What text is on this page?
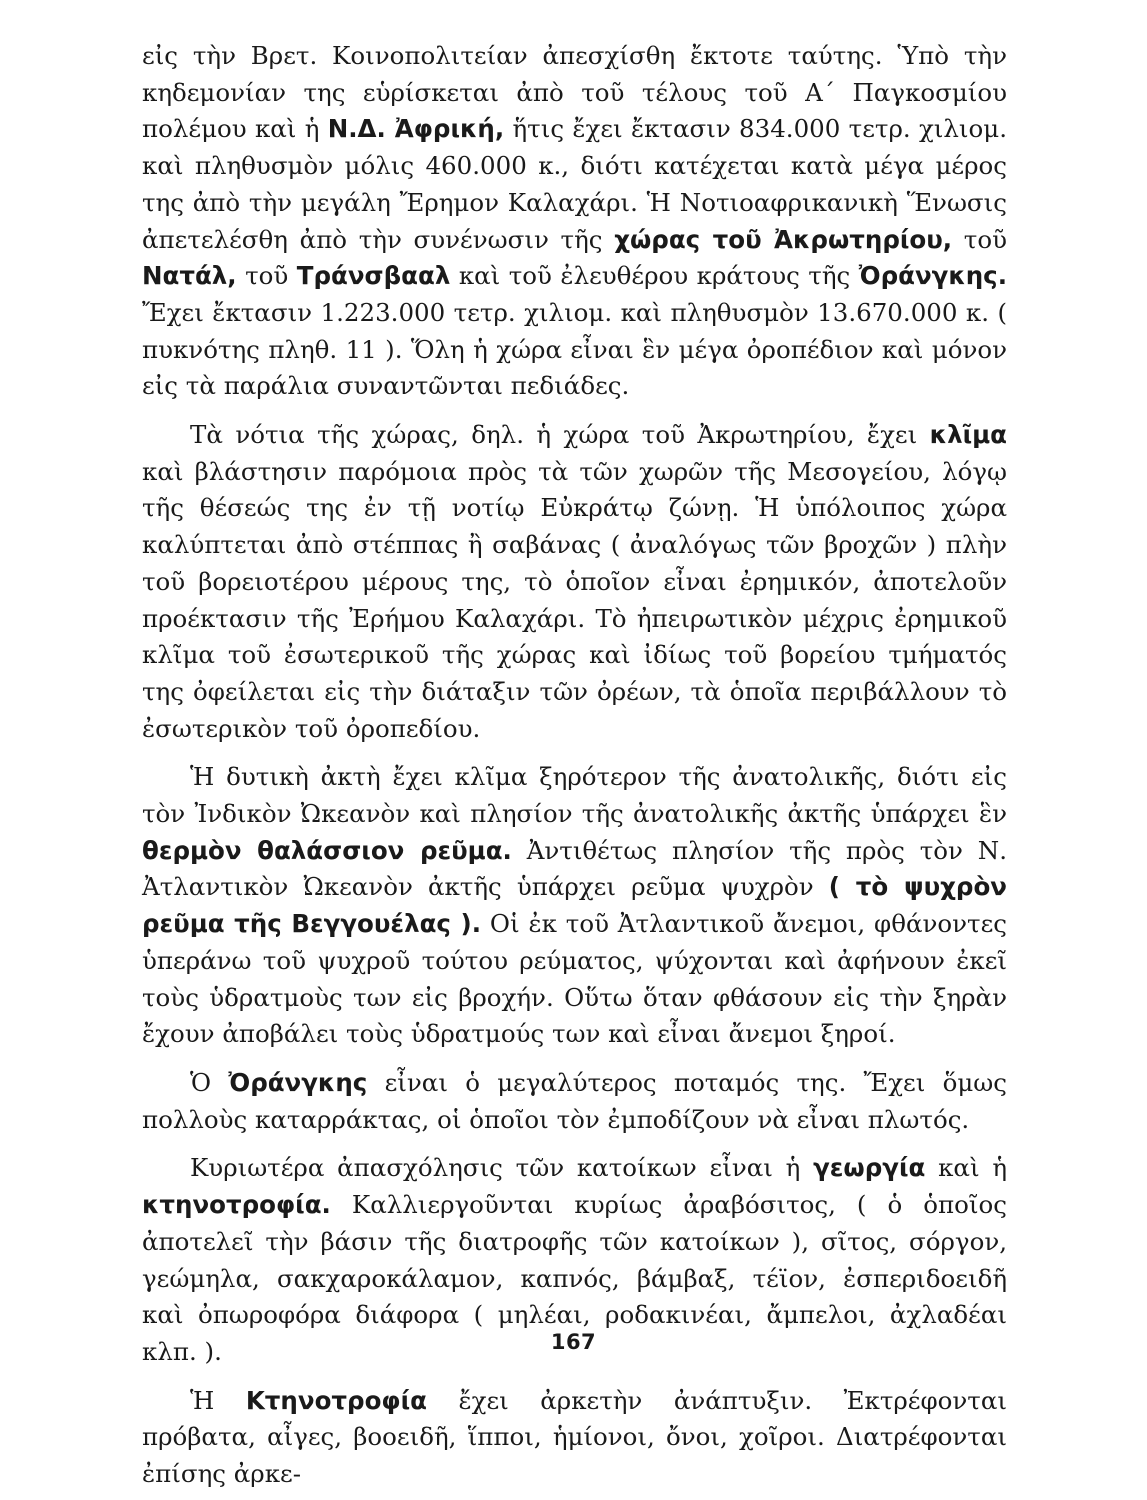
εἰς τὴν Βρετ. Κοινοπολιτείαν ἀπεσχίσθη ἔκτοτε ταύτης. Ὑπὸ τὴν κηδεμονίαν της εὑρίσκεται ἀπὸ τοῦ τέλους τοῦ Α΄ Παγκοσμίου πολέμου καὶ ἡ Ν.Δ. Ἀφρική, ἥτις ἔχει ἔκτασιν 834.000 τετρ. χιλιομ. καὶ πληθυσμὸν μόλις 460.000 κ., διότι κατέχεται κατὰ μέγα μέρος της ἀπὸ τὴν μεγάλη Ἔρημον Καλαχάρι. Ἡ Νοτιοαφρικανικὴ Ἕνωσις ἀπετελέσθη ἀπὸ τὴν συνένωσιν τῆς χώρας τοῦ Ἀκρωτηρίου, τοῦ Νατάλ, τοῦ Τράνσβααλ καὶ τοῦ ἐλευθέρου κράτους τῆς Ὀράνγκης. Ἔχει ἔκτασιν 1.223.000 τετρ. χιλιομ. καὶ πληθυσμὸν 13.670.000 κ. ( πυκνότης πληθ. 11 ). Ὅλη ἡ χώρα εἶναι ἓν μέγα ὀροπέδιον καὶ μόνον εἰς τὰ παράλια συναντῶνται πεδιάδες.

Τὰ νότια τῆς χώρας, δηλ. ἡ χώρα τοῦ Ἀκρωτηρίου, ἔχει κλῖμα καὶ βλάστησιν παρόμοια πρὸς τὰ τῶν χωρῶν τῆς Μεσογείου, λόγῳ τῆς θέσεώς της ἐν τῇ νοτίῳ Εὐκράτῳ ζώνῃ. Ἡ ὑπόλοιπος χώρα καλύπτεται ἀπὸ στέππας ἢ σαβάνας ( ἀναλόγως τῶν βροχῶν ) πλὴν τοῦ βορειοτέρου μέρους της, τὸ ὁποῖον εἶναι ἐρημικόν, ἀποτελοῦν προέκτασιν τῆς Ἐρήμου Καλαχάρι. Τὸ ἠπειρωτικὸν μέχρις ἐρημικοῦ κλῖμα τοῦ ἐσωτερικοῦ τῆς χώρας καὶ ἰδίως τοῦ βορείου τμήματός της ὀφείλεται εἰς τὴν διάταξιν τῶν ὀρέων, τὰ ὁποῖα περιβάλλουν τὸ ἐσωτερικὸν τοῦ ὀροπεδίου.

Ἡ δυτικὴ ἀκτὴ ἔχει κλῖμα ξηρότερον τῆς ἀνατολικῆς, διότι εἰς τὸν Ἰνδικὸν Ὠκεανὸν καὶ πλησίον τῆς ἀνατολικῆς ἀκτῆς ὑπάρχει ἓν θερμὸν θαλάσσιον ρεῦμα. Ἀντιθέτως πλησίον τῆς πρὸς τὸν Ν. Ἀτλαντικὸν Ὠκεανὸν ἀκτῆς ὑπάρχει ρεῦμα ψυχρὸν ( τὸ ψυχρὸν ρεῦμα τῆς Βεγγουέλας ). Οἱ ἐκ τοῦ Ἀτλαντικοῦ ἄνεμοι, φθάνοντες ὑπεράνω τοῦ ψυχροῦ τούτου ρεύματος, ψύχονται καὶ ἀφήνουν ἐκεῖ τοὺς ὑδρατμοὺς των εἰς βροχήν. Οὕτω ὅταν φθάσουν εἰς τὴν ξηρὰν ἔχουν ἀποβάλει τοὺς ὑδρατμούς των καὶ εἶναι ἄνεμοι ξηροί.

Ὁ Ὀράνγκης εἶναι ὁ μεγαλύτερος ποταμός της. Ἔχει ὅμως πολλοὺς καταρράκτας, οἱ ὁποῖοι τὸν ἐμποδίζουν νὰ εἶναι πλωτός.

Κυριωτέρα ἀπασχόλησις τῶν κατοίκων εἶναι ἡ γεωργία καὶ ἡ κτηνοτροφία. Καλλιεργοῦνται κυρίως ἀραβόσιτος, ( ὁ ὁποῖος ἀποτελεῖ τὴν βάσιν τῆς διατροφῆς τῶν κατοίκων ), σῖτος, σόργον, γεώμηλα, σακχαροκάλαμον, καπνός, βάμβαξ, τέϊον, ἐσπεριδοειδῆ καὶ ὀπωροφόρα διάφορα ( μηλέαι, ροδακινέαι, ἄμπελοι, ἀχλαδέαι κλπ. ).

Ἡ Κτηνοτροφία ἔχει ἀρκετὴν ἀνάπτυξιν. Ἐκτρέφονται πρόβατα, αἶγες, βοοειδῆ, ἵπποι, ἡμίονοι, ὄνοι, χοῖροι. Διατρέφονται ἐπίσης ἀρκε-

167
